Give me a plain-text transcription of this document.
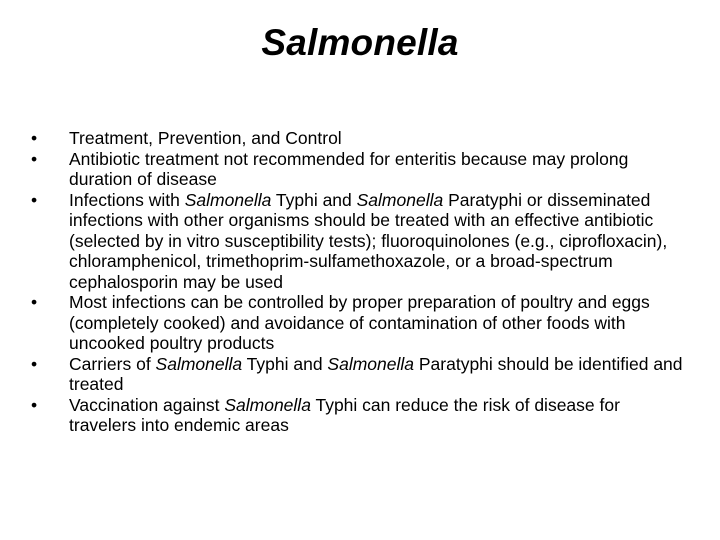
Salmonella
• Treatment, Prevention, and Control
• Antibiotic treatment not recommended for enteritis because may prolong duration of disease
• Infections with Salmonella Typhi and Salmonella Paratyphi or disseminated infections with other organisms should be treated with an effective antibiotic (selected by in vitro susceptibility tests); fluoroquinolones (e.g., ciprofloxacin), chloramphenicol, trimethoprim-sulfamethoxazole, or a broad-spectrum cephalosporin may be used
• Most infections can be controlled by proper preparation of poultry and eggs (completely cooked) and avoidance of contamination of other foods with uncooked poultry products
• Carriers of Salmonella Typhi and Salmonella Paratyphi should be identified and treated
• Vaccination against Salmonella Typhi can reduce the risk of disease for travelers into endemic areas
